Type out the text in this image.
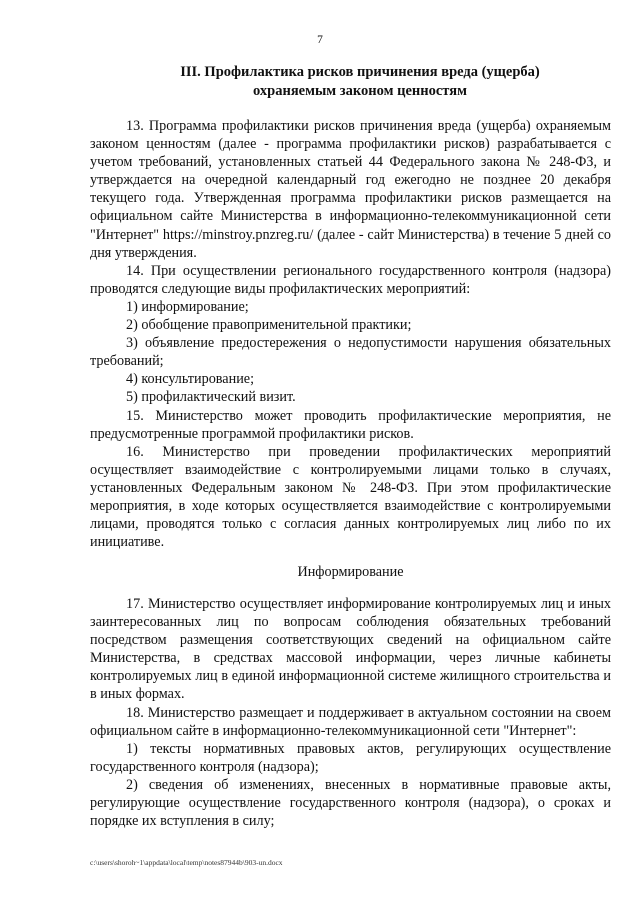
7
III. Профилактика рисков причинения вреда (ущерба)
охраняемым законом ценностям

13. Программа профилактики рисков причинения вреда (ущерба) охраняемым законом ценностям (далее - программа профилактики рисков) разрабатывается с учетом требований, установленных статьей 44 Федерального закона № 248-ФЗ, и утверждается на очередной календарный год ежегодно не позднее 20 декабря текущего года. Утвержденная программа профилактики рисков размещается на официальном сайте Министерства в информационно-телекоммуникационной сети "Интернет" https://minstroy.pnzreg.ru/ (далее - сайт Министерства) в течение 5 дней со дня утверждения.

14. При осуществлении регионального государственного контроля (надзора) проводятся следующие виды профилактических мероприятий:

1) информирование;

2) обобщение правоприменительной практики;

3) объявление предостережения о недопустимости нарушения обязательных требований;

4) консультирование;

5) профилактический визит.

15. Министерство может проводить профилактические мероприятия, не предусмотренные программой профилактики рисков.

16. Министерство при проведении профилактических мероприятий осуществляет взаимодействие с контролируемыми лицами только в случаях, установленных Федеральным законом № 248-ФЗ. При этом профилактические мероприятия, в ходе которых осуществляется взаимодействие с контролируемыми лицами, проводятся только с согласия данных контролируемых лиц либо по их инициативе.

Информирование

17. Министерство осуществляет информирование контролируемых лиц и иных заинтересованных лиц по вопросам соблюдения обязательных требований посредством размещения соответствующих сведений на официальном сайте Министерства, в средствах массовой информации, через личные кабинеты контролируемых лиц в единой информационной системе жилищного строительства и в иных формах.

18. Министерство размещает и поддерживает в актуальном состоянии на своем официальном сайте в информационно-телекоммуникационной сети "Интернет":

1) тексты нормативных правовых актов, регулирующих осуществление государственного контроля (надзора);

2) сведения об изменениях, внесенных в нормативные правовые акты, регулирующие осуществление государственного контроля (надзора), о сроках и порядке их вступления в силу;

c:\users\shoroh~1\appdata\local\temp\notes87944b\903-un.docx
